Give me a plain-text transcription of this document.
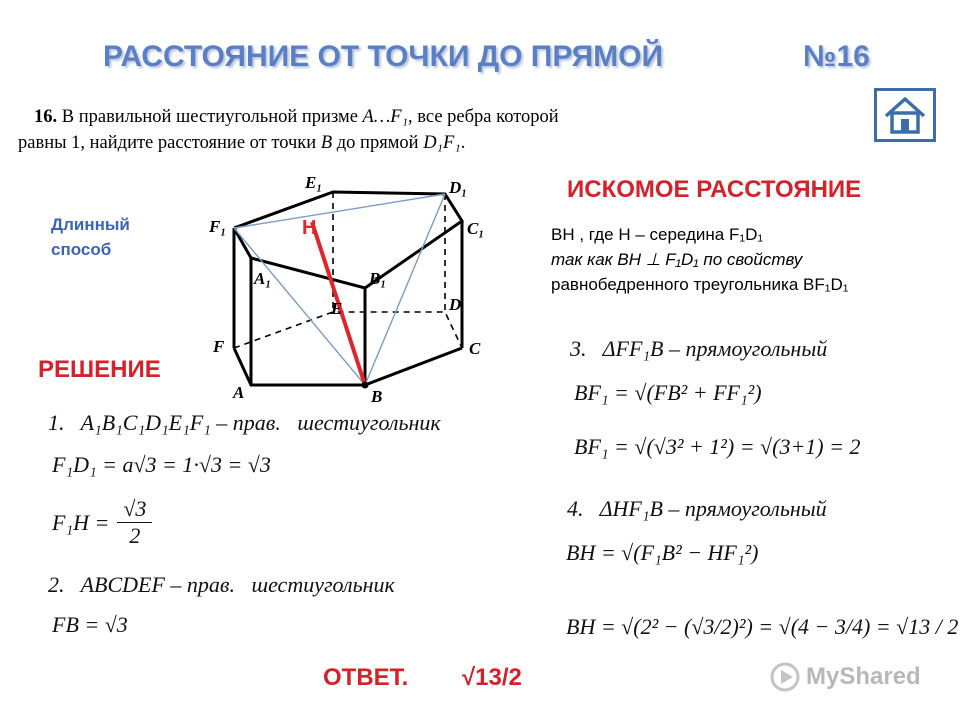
РАССТОЯНИЕ ОТ ТОЧКИ ДО ПРЯМОЙ	№16
16. В правильной шестиугольной призме A…F₁, все ребра которой
равны 1, найдите расстояние от точки B до прямой D₁F₁.
Длинный способ
РЕШЕНИЕ
ИСКОМОЕ РАССТОЯНИЕ
BH , где H – середина F₁D₁
так как BH ⊥ F₁D₁ по свойству
равнобедренного треугольника BF₁D₁
E₁	D₁
F₁	C₁
A₁	B₁
E	D
F	C
A	B
H
1.   A₁B₁C₁D₁E₁F₁ – прав.   шестиугольник
F₁D₁ = a√3 = 1·√3 = √3
$F_1H = \frac{√3}{2}$
2.   ABCDEF – прав.   шестиугольник
FB = √3
3.   ΔFF₁B – прямоугольный
BF₁ = √(FB² + FF₁²)
BF₁ = √(√3² + 1²) = √(3+1) = 2
4.   ΔHF₁B – прямоугольный
BH = √(F₁B² − HF₁²)
BH = √(2² − (√3/2)²) = √(4 − 3/4) = √13 / 2
ОТВЕТ. √13/2	MyShared
